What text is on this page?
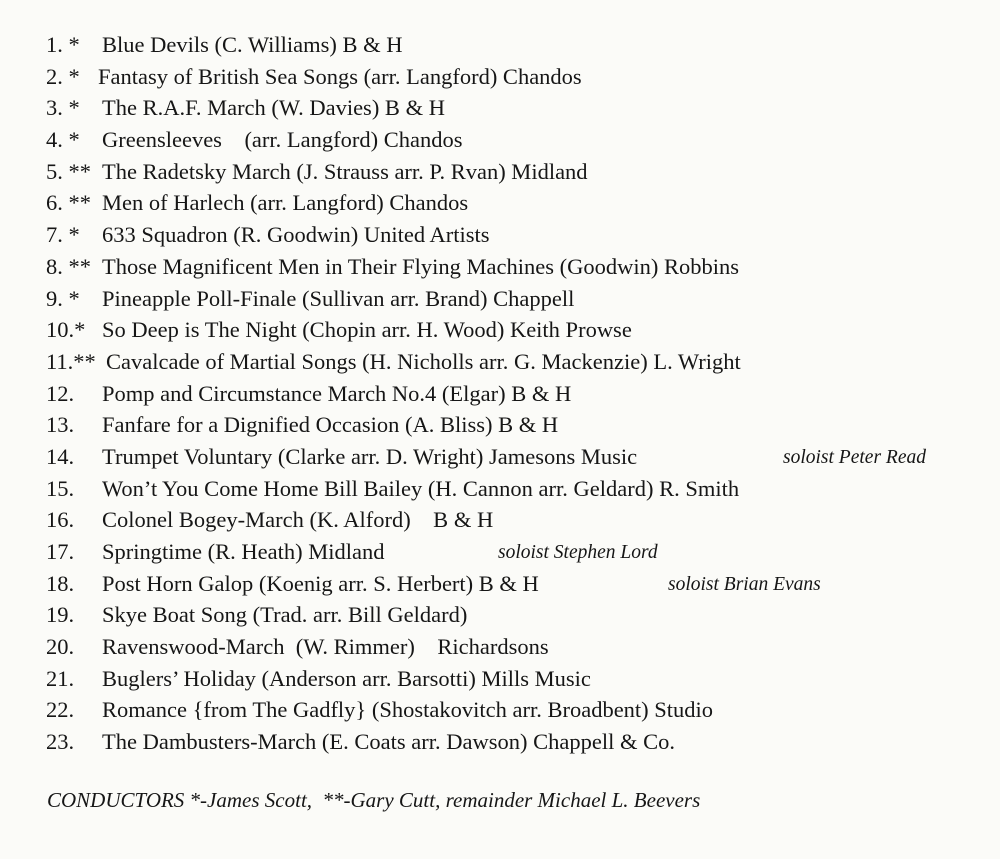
1. * Blue Devils (C. Williams) B & H
2. * Fantasy of British Sea Songs (arr. Langford) Chandos
3. * The R.A.F. March (W. Davies) B & H
4. * Greensleeves    (arr. Langford) Chandos
5. ** The Radetsky March (J. Strauss arr. P. Rvan) Midland
6. ** Men of Harlech (arr. Langford) Chandos
7. * 633 Squadron (R. Goodwin) United Artists
8. ** Those Magnificent Men in Their Flying Machines (Goodwin) Robbins
9. * Pineapple Poll-Finale (Sullivan arr. Brand) Chappell
10.* So Deep is The Night (Chopin arr. H. Wood) Keith Prowse
11.** Cavalcade of Martial Songs (H. Nicholls arr. G. Mackenzie) L. Wright
12. Pomp and Circumstance March No.4 (Elgar) B & H
13. Fanfare for a Dignified Occasion (A. Bliss) B & H
14. Trumpet Voluntary (Clarke arr. D. Wright) Jamesons Music	soloist Peter Read
15. Won’t You Come Home Bill Bailey (H. Cannon arr. Geldard) R. Smith
16. Colonel Bogey-March (K. Alford)    B & H
17. Springtime (R. Heath) Midland	soloist Stephen Lord
18. Post Horn Galop (Koenig arr. S. Herbert) B & H	soloist Brian Evans
19. Skye Boat Song (Trad. arr. Bill Geldard)
20. Ravenswood-March  (W. Rimmer)    Richardsons
21. Buglers’ Holiday (Anderson arr. Barsotti) Mills Music
22. Romance {from The Gadfly} (Shostakovitch arr. Broadbent) Studio
23. The Dambusters-March (E. Coats arr. Dawson) Chappell & Co.
CONDUCTORS *-James Scott,  **-Gary Cutt, remainder Michael L. Beevers
